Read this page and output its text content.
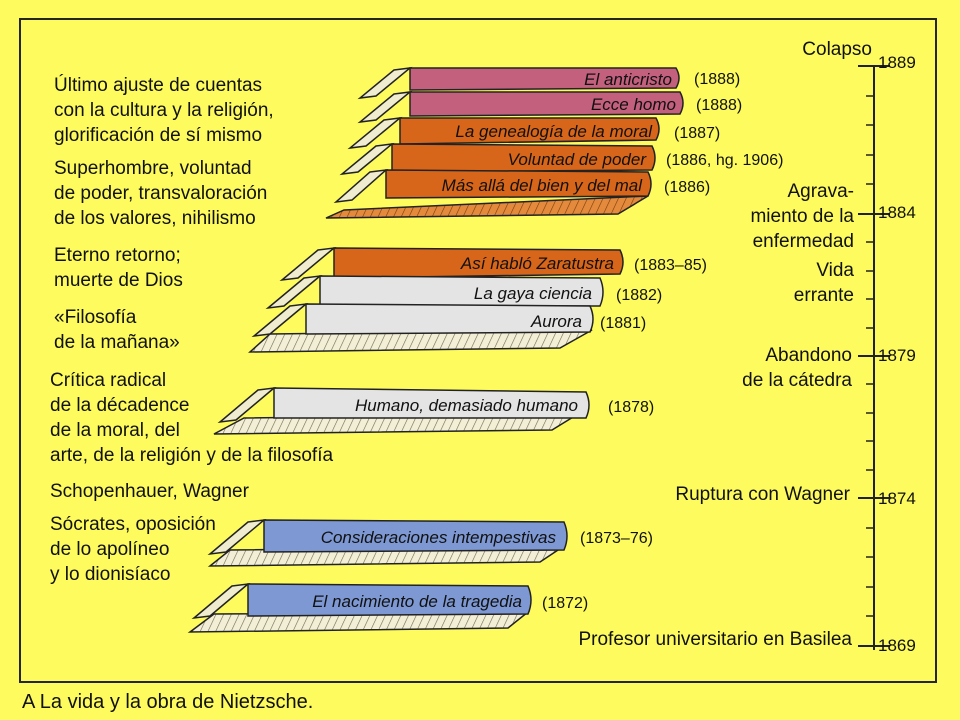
El anticristo
Ecce homo
La genealogía de la moral
Voluntad de poder
Más allá del bien y del mal
Así habló Zaratustra
La gaya ciencia
Aurora
Humano, demasiado humano
Consideraciones intempestivas
El nacimiento de la tragedia
(1888)
(1888)
(1887)
(1886, hg. 1906)
(1886)
(1883–85)
(1882)
(1881)
(1878)
(1873–76)
(1872)

Último ajuste de cuentas
con la cultura y la religión,
glorificación de sí mismo

Superhombre, voluntad
de poder, transvaloración
de los valores, nihilismo

Eterno retorno;
muerte de Dios

«Filosofía
de la mañana»

Crítica radical
de la décadence
de la moral, del
arte, de la religión y de la filosofía

Schopenhauer, Wagner

Sócrates, oposición
de lo apolíneo
y lo dionisíaco

Colapso

Agrava-
miento de la
enfermedad

Vida
errante

Abandono
de la cátedra

Ruptura con Wagner

Profesor universitario en Basilea

1889
1884
1879
1874
1869
A La vida y la obra de Nietzsche.
